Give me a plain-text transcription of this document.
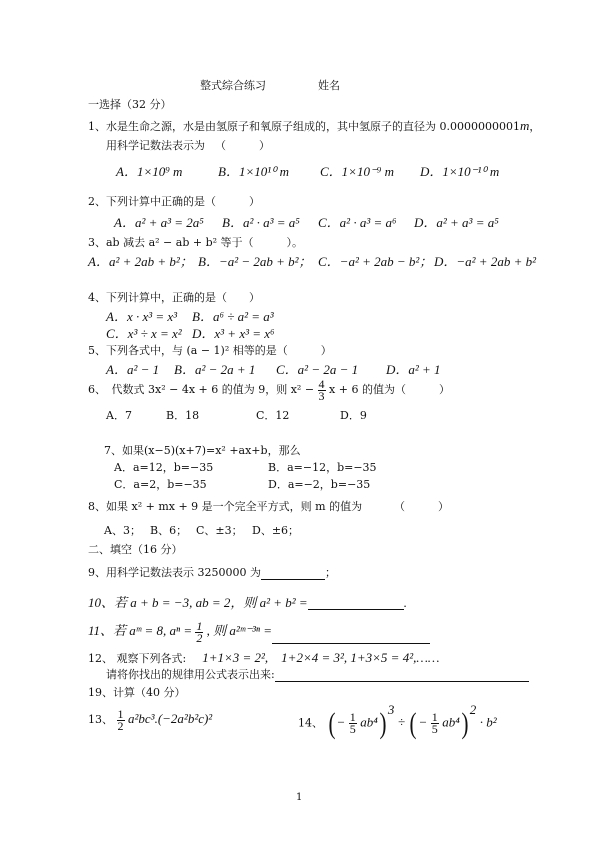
整式综合练习	姓名
一选择（32 分）
1、水是生命之源，水是由氢原子和氧原子组成的，其中氢原子的直径为 0.0000000001m，
用科学记数法表示为 （　　　）
A．1×10⁹ m	B．1×10¹⁰ m C．1×10⁻⁹ m D．1×10⁻¹⁰ m
2、下列计算中正确的是（　　　）
A．a² + a³ = 2a⁵ B．a² · a³ = a⁵ C．a² · a³ = a⁶ D．a² + a³ = a⁵
3、ab 减去 a² − ab + b² 等于（　　　）。
A．a² + 2ab + b²； B．−a² − 2ab + b²； C．−a² + 2ab − b²； D．−a² + 2ab + b²
4、下列计算中，正确的是（　　）
A．x · x³ = x³ B．a⁶ ÷ a² = a³
C．x³ ÷ x = x² D．x³ + x³ = x⁶
5、下列各式中，与 (a − 1)² 相等的是（　　　）
A．a² − 1 B．a² − 2a + 1 C．a² − 2a − 1 D．a² + 1
6、　代数式 3x² − 4x + 6 的值为 9，则 $x^2 - \frac{4}{3}$ x + 6 的值为（　　　）
A．7	B．18	C．12	D．9
7、如果(x−5)(x+7)=x² +ax+b，那么
A．a=12，b=−35	B．a=−12，b=−35
C．a=2，b=−35	D．a=−2，b=−35
8、如果 x² + mx + 9 是一个完全平方式，则 m 的值为	（　　　）
A、3； B、6； C、±3； D、±6；
二、填空（16 分）
9、用科学记数法表示 3250000 为	；
10、若 a + b = −3, ab = 2，则 a² + b² =	.
11、若 aᵐ = 8, $a^n = \frac{1}{2}$ , 则 a²ᵐ⁻³ⁿ =
12、 观察下列各式: 1+1×3 = 2²,　1+2×4 = 3², 1+3×5 = 4²,……
请将你找出的规律用公式表示出来:
19、计算（40 分）
13、 $\frac{1}{2} a^2bc^3.(-2a^2b^2c)^2$	14、 ( − $\frac{1}{5} ab^4$) $^3$ ÷ ( − $\frac{1}{5} ab^4$) $^2$ · b²
1
